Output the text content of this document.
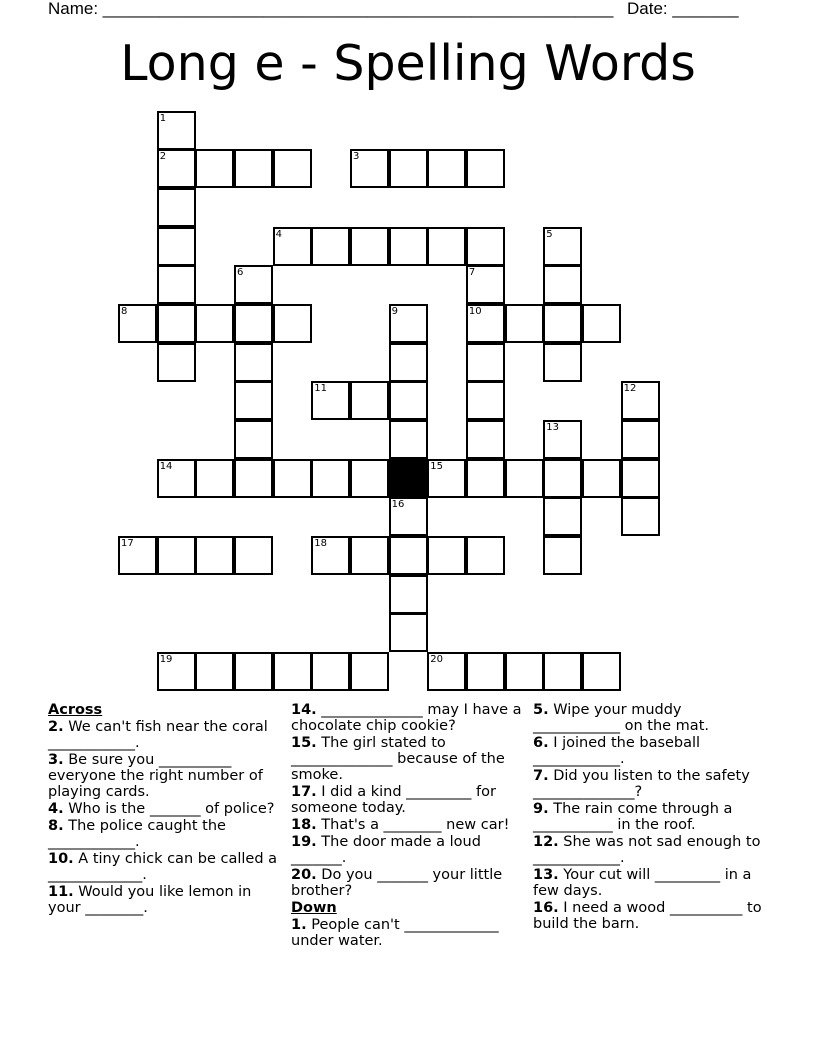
Name: ______________________________________________________ Date: _______
Long e - Spelling Words
2	3
4
8	10
11
14	15
17	18
19	20
1
5
6	7
9
12
13
16
Across
2. We can't fish near the coral ____________.
3. Be sure you __________ everyone the right number of playing cards.
4. Who is the _______ of police?
8. The police caught the ____________.
10. A tiny chick can be called a _____________.
11. Would you like lemon in your ________.
14. ______________ may I have a chocolate chip cookie?
15. The girl stated to ______________ because of the smoke.
17. I did a kind _________ for someone today.
18. That's a ________ new car!
19. The door made a loud _______.
20. Do you _______ your little brother?
Down
1. People can't _____________ under water.
5. Wipe your muddy ____________ on the mat.
6. I joined the baseball ____________.
7. Did you listen to the safety ______________?
9. The rain come through a ___________ in the roof.
12. She was not sad enough to ____________.
13. Your cut will _________ in a few days.
16. I need a wood __________ to build the barn.
